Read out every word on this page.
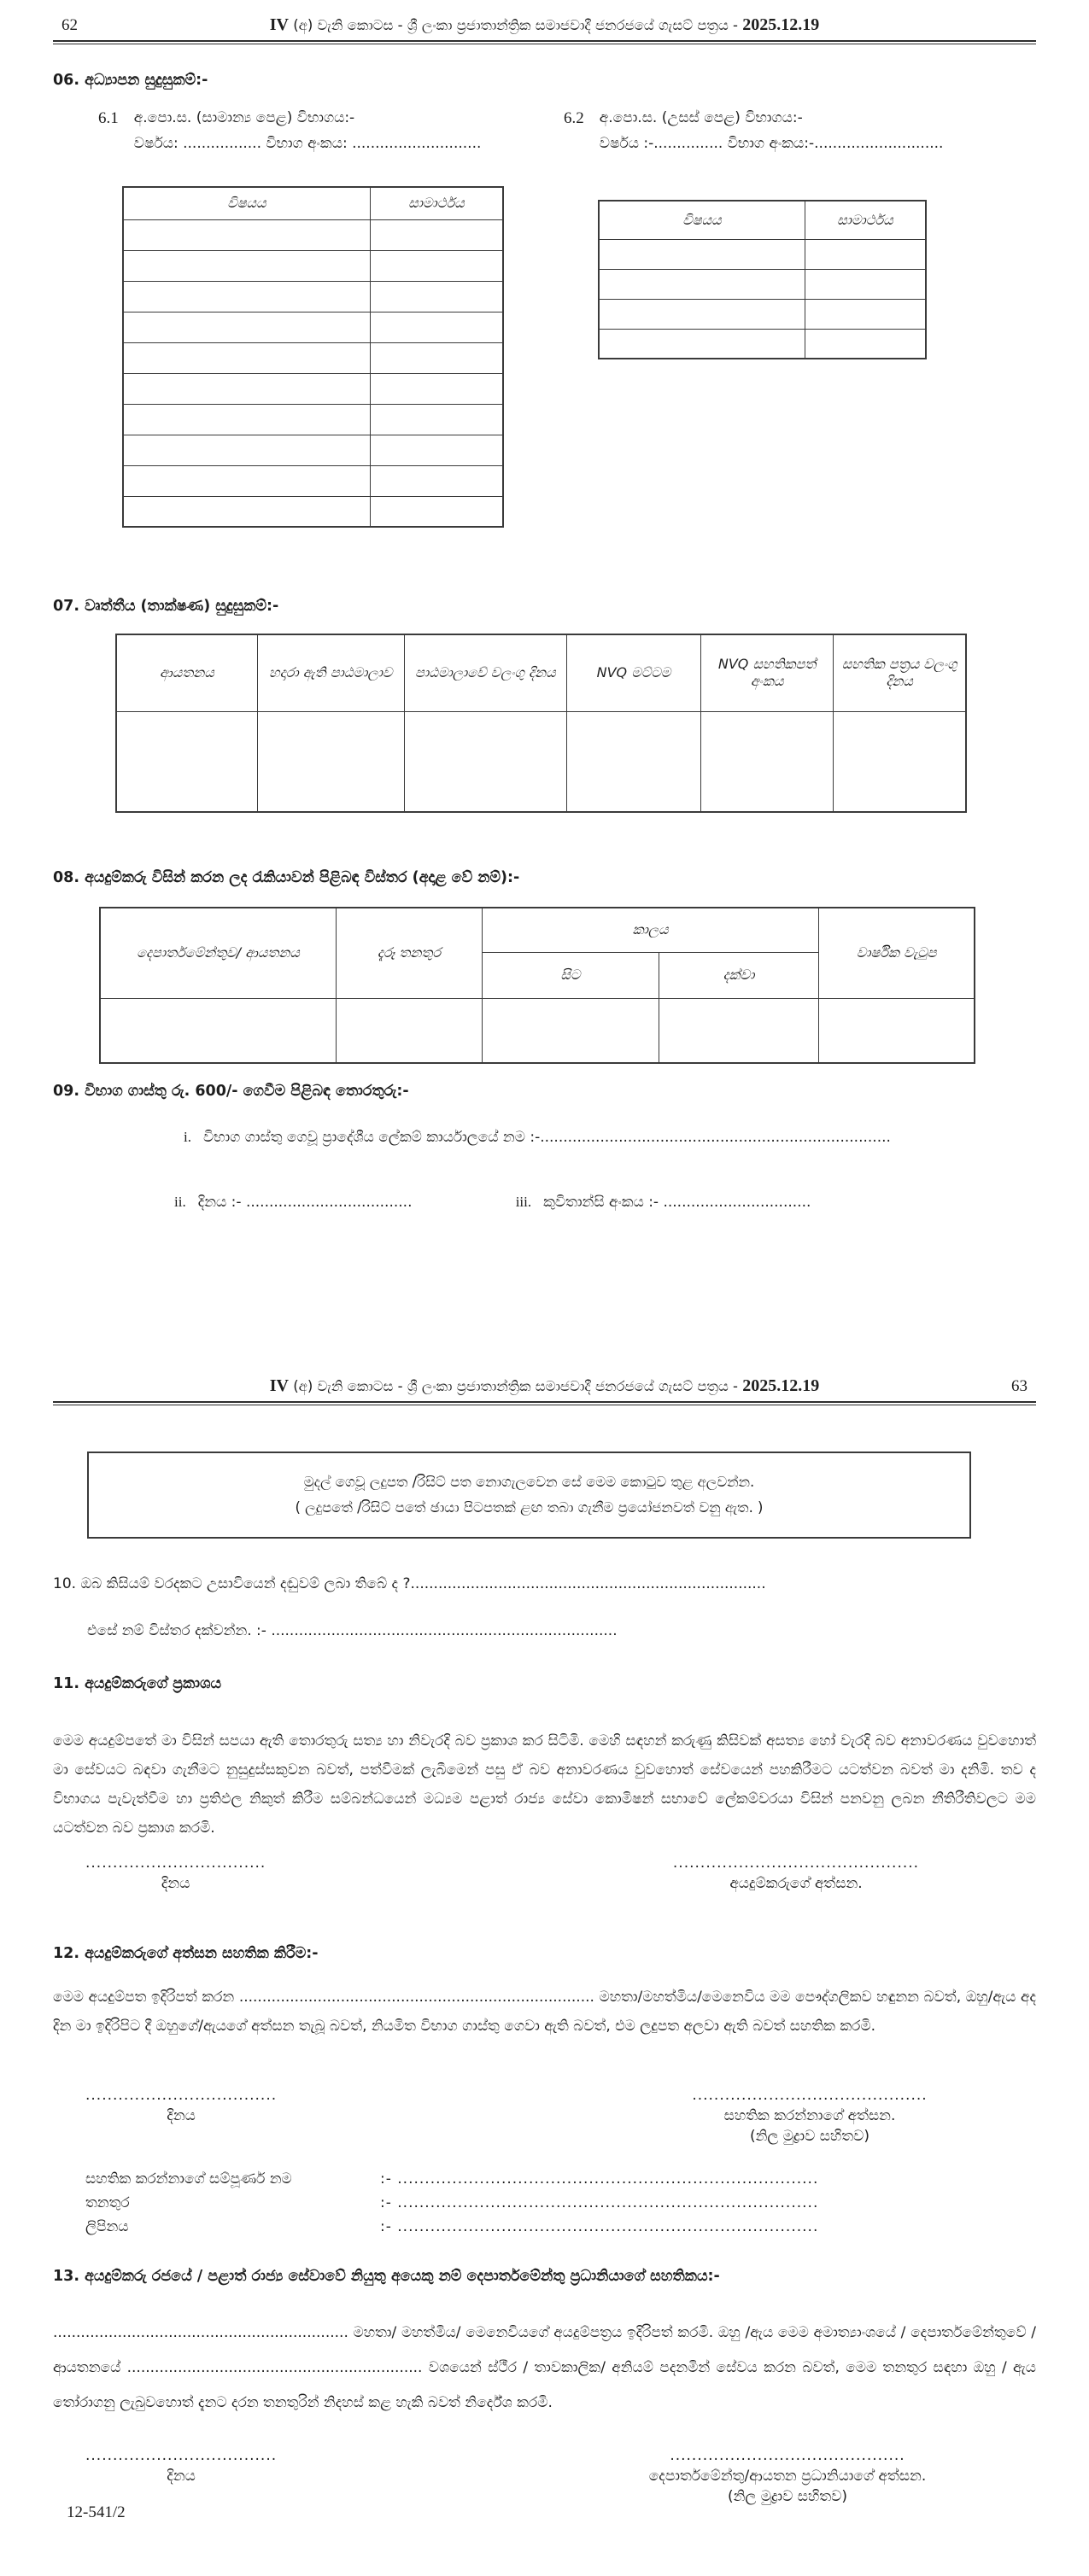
62	IV (අ) වැනි කොටස - ශ්‍රී ලංකා ප්‍රජාතාන්ත්‍රික සමාජවාදී ජනරජයේ ගැසට් පත්‍රය - 2025.12.19
06. අධ්‍යාපන සුදුසුකම්:-
6.1 අ.පො.ස. (සාමාන්‍ය පෙළ) විභාගය:-
වර්ෂය: ................. විභාග අංකය: ............................
6.2 අ.පො.ස. (උසස් පෙළ) විභාගය:-
වර්ෂය :-............... විභාග අංකය:-............................
විෂයය	සාමාර්ථය

විෂයය	සාමාර්ථය

07. වෘත්තීය (තාක්ෂණ) සුදුසුකම්:-
ආයතනය	හදාරා ඇති පාඨමාලාව	පාඨමාලාවේ වලංගු දිනය	NVQ මට්ටම	NVQ සහතිකපත් අංකය	සහතික පත්‍රය වලංගු දිනය

08. අයදුම්කරු විසින් කරන ලද රැකියාවන් පිළිබඳ විස්තර (අදාළ වේ නම්):-
දෙපාර්තමේන්තුව/ ආයතනය	දැරූ තනතුර	කාලය		වාර්ෂික වැටුප
		සිට	දක්වා	

09. විභාග ගාස්තු රු. 600/- ගෙවීම පිළිබඳ තොරතුරු:-
i. විභාග ගාස්තු ගෙවූ ප්‍රාදේශීය ලේකම් කාර්යාලයේ නම :-............................................................................
ii. දිනය :- ....................................	iii. කුවිතාන්සි අංකය :- ................................
IV (අ) වැනි කොටස - ශ්‍රී ලංකා ප්‍රජාතාන්ත්‍රික සමාජවාදී ජනරජයේ ගැසට් පත්‍රය - 2025.12.19	63
මුදල් ගෙවූ ලදුපත /රිසිට් පත නොගැලවෙන සේ මෙම කොටුව තුළ අලවන්න.
( ලදුපතේ /රිසිට් පතේ ඡායා පිටපතක් ළඟ තබා ගැනීම ප්‍රයෝජනවත් වනු ඇත. )
10. ඔබ කිසියම් වරදකට උසාවියෙන් දඬුවම් ලබා තිබේ ද ?.............................................................................
එසේ නම් විස්තර දක්වන්න. :- ...........................................................................
11. අයදුම්කරුගේ ප්‍රකාශය
මෙම අයදුම්පතේ මා විසින් සපයා ඇති තොරතුරු සත්‍ය හා නිවැරදි බව ප්‍රකාශ කර සිටිමි. මෙහි සඳහන් කරුණු කිසිවක් අසත්‍ය හෝ වැරදි බව අනාවරණය වුවහොත් මා සේවයට බඳවා ගැනීමට නුසුදුස්සකුවන බවත්, පත්වීමක් ලැබීමෙන් පසු ඒ බව අනාවරණය වුවහොත් සේවයෙන් පහකිරීමට යටත්වන බවත් මා දනිමි. තව ද විභාගය පැවැත්වීම හා ප්‍රතිඵල නිකුත් කිරීම සම්බන්ධයෙන් මධ්‍යම පළාත් රාජ්‍ය සේවා කොමිෂන් සභාවේ ලේකම්වරයා විසින් පනවනු ලබන නීතිරීතිවලට මම යටත්වන බව ප්‍රකාශ කරමි.
.................................
දිනය
.............................................
අයදුම්කරුගේ අත්සන.
12. අයදුම්කරුගේ අත්සන සහතික කිරීම:-
මෙම අයදුම්පත ඉදිරිපත් කරන ............................................................................. මහතා/මහත්මිය/මෙනෙවිය මම පෞද්ගලිකව හඳුනන බවත්, ඔහු/ඇය අද දින මා ඉදිරිපිට දී ඔහුගේ/ඇයගේ අත්සන තැබූ බවත්, නියමිත විභාග ගාස්තු ගෙවා ඇති බවත්, එම ලදුපත අලවා ඇති බවත් සහතික කරමි.
...................................
දිනය
...........................................
සහතික කරන්නාගේ අත්සන.
(නිල මුද්‍රාව සහිතව)
සහතික කරන්නාගේ සම්පූර්ණ නම	:- .............................................................................
තනතුර	:- .............................................................................
ලිපිනය	:- .............................................................................
13. අයදුම්කරු රජයේ / පළාත් රාජ්‍ය සේවාවේ නියුතු අයෙකු නම් දෙපාර්තමේන්තු ප්‍රධානියාගේ සහතිකය:-
................................................................ මහතා/ මහත්මිය/ මෙනෙවියගේ අයදුම්පත්‍රය ඉදිරිපත් කරමි. ඔහු /ඇය මෙම අමාත්‍යාංශයේ / දෙපාර්තමේන්තුවේ / ආයතනයේ ................................................................ වශයෙන් ස්ථීර / තාවකාලික/ අනියම් පදනමින් සේවය කරන බවත්, මෙම තනතුර සඳහා ඔහු / ඇය තෝරාගනු ලැබුවහොත් දැනට දරන තනතුරින් නිදහස් කළ හැකි බවත් නිර්දේශ කරමි.
...................................
දිනය
...........................................
දෙපාර්තමේන්තු/ආයතන ප්‍රධානියාගේ අත්සන.
(නිල මුද්‍රාව සහිතව)
12-541/2
